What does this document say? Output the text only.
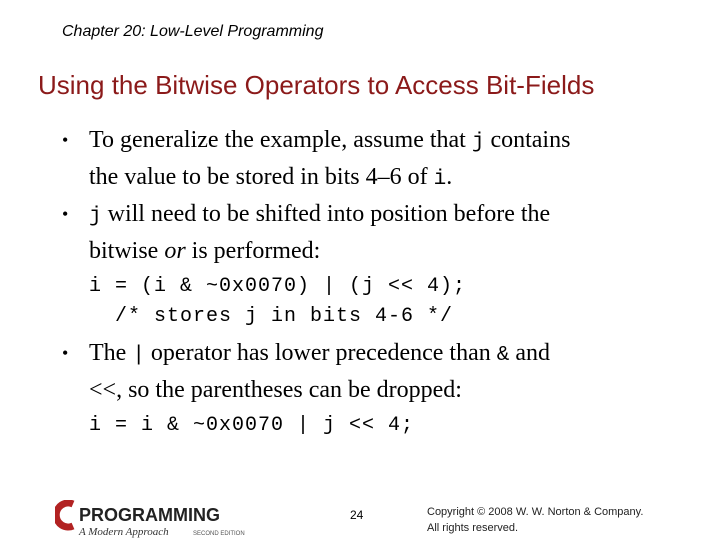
Chapter 20: Low-Level Programming
Using the Bitwise Operators to Access Bit-Fields
• To generalize the example, assume that j contains
the value to be stored in bits 4–6 of i.
• j will need to be shifted into position before the
bitwise or is performed:
i = (i & ~0x0070) | (j << 4);
/* stores j in bits 4-6 */
• The | operator has lower precedence than & and
<<, so the parentheses can be dropped:
i = i & ~0x0070 | j << 4;
PROGRAMMING
A Modern Approach	SECOND EDITION
24	Copyright © 2008 W. W. Norton & Company.
All rights reserved.
